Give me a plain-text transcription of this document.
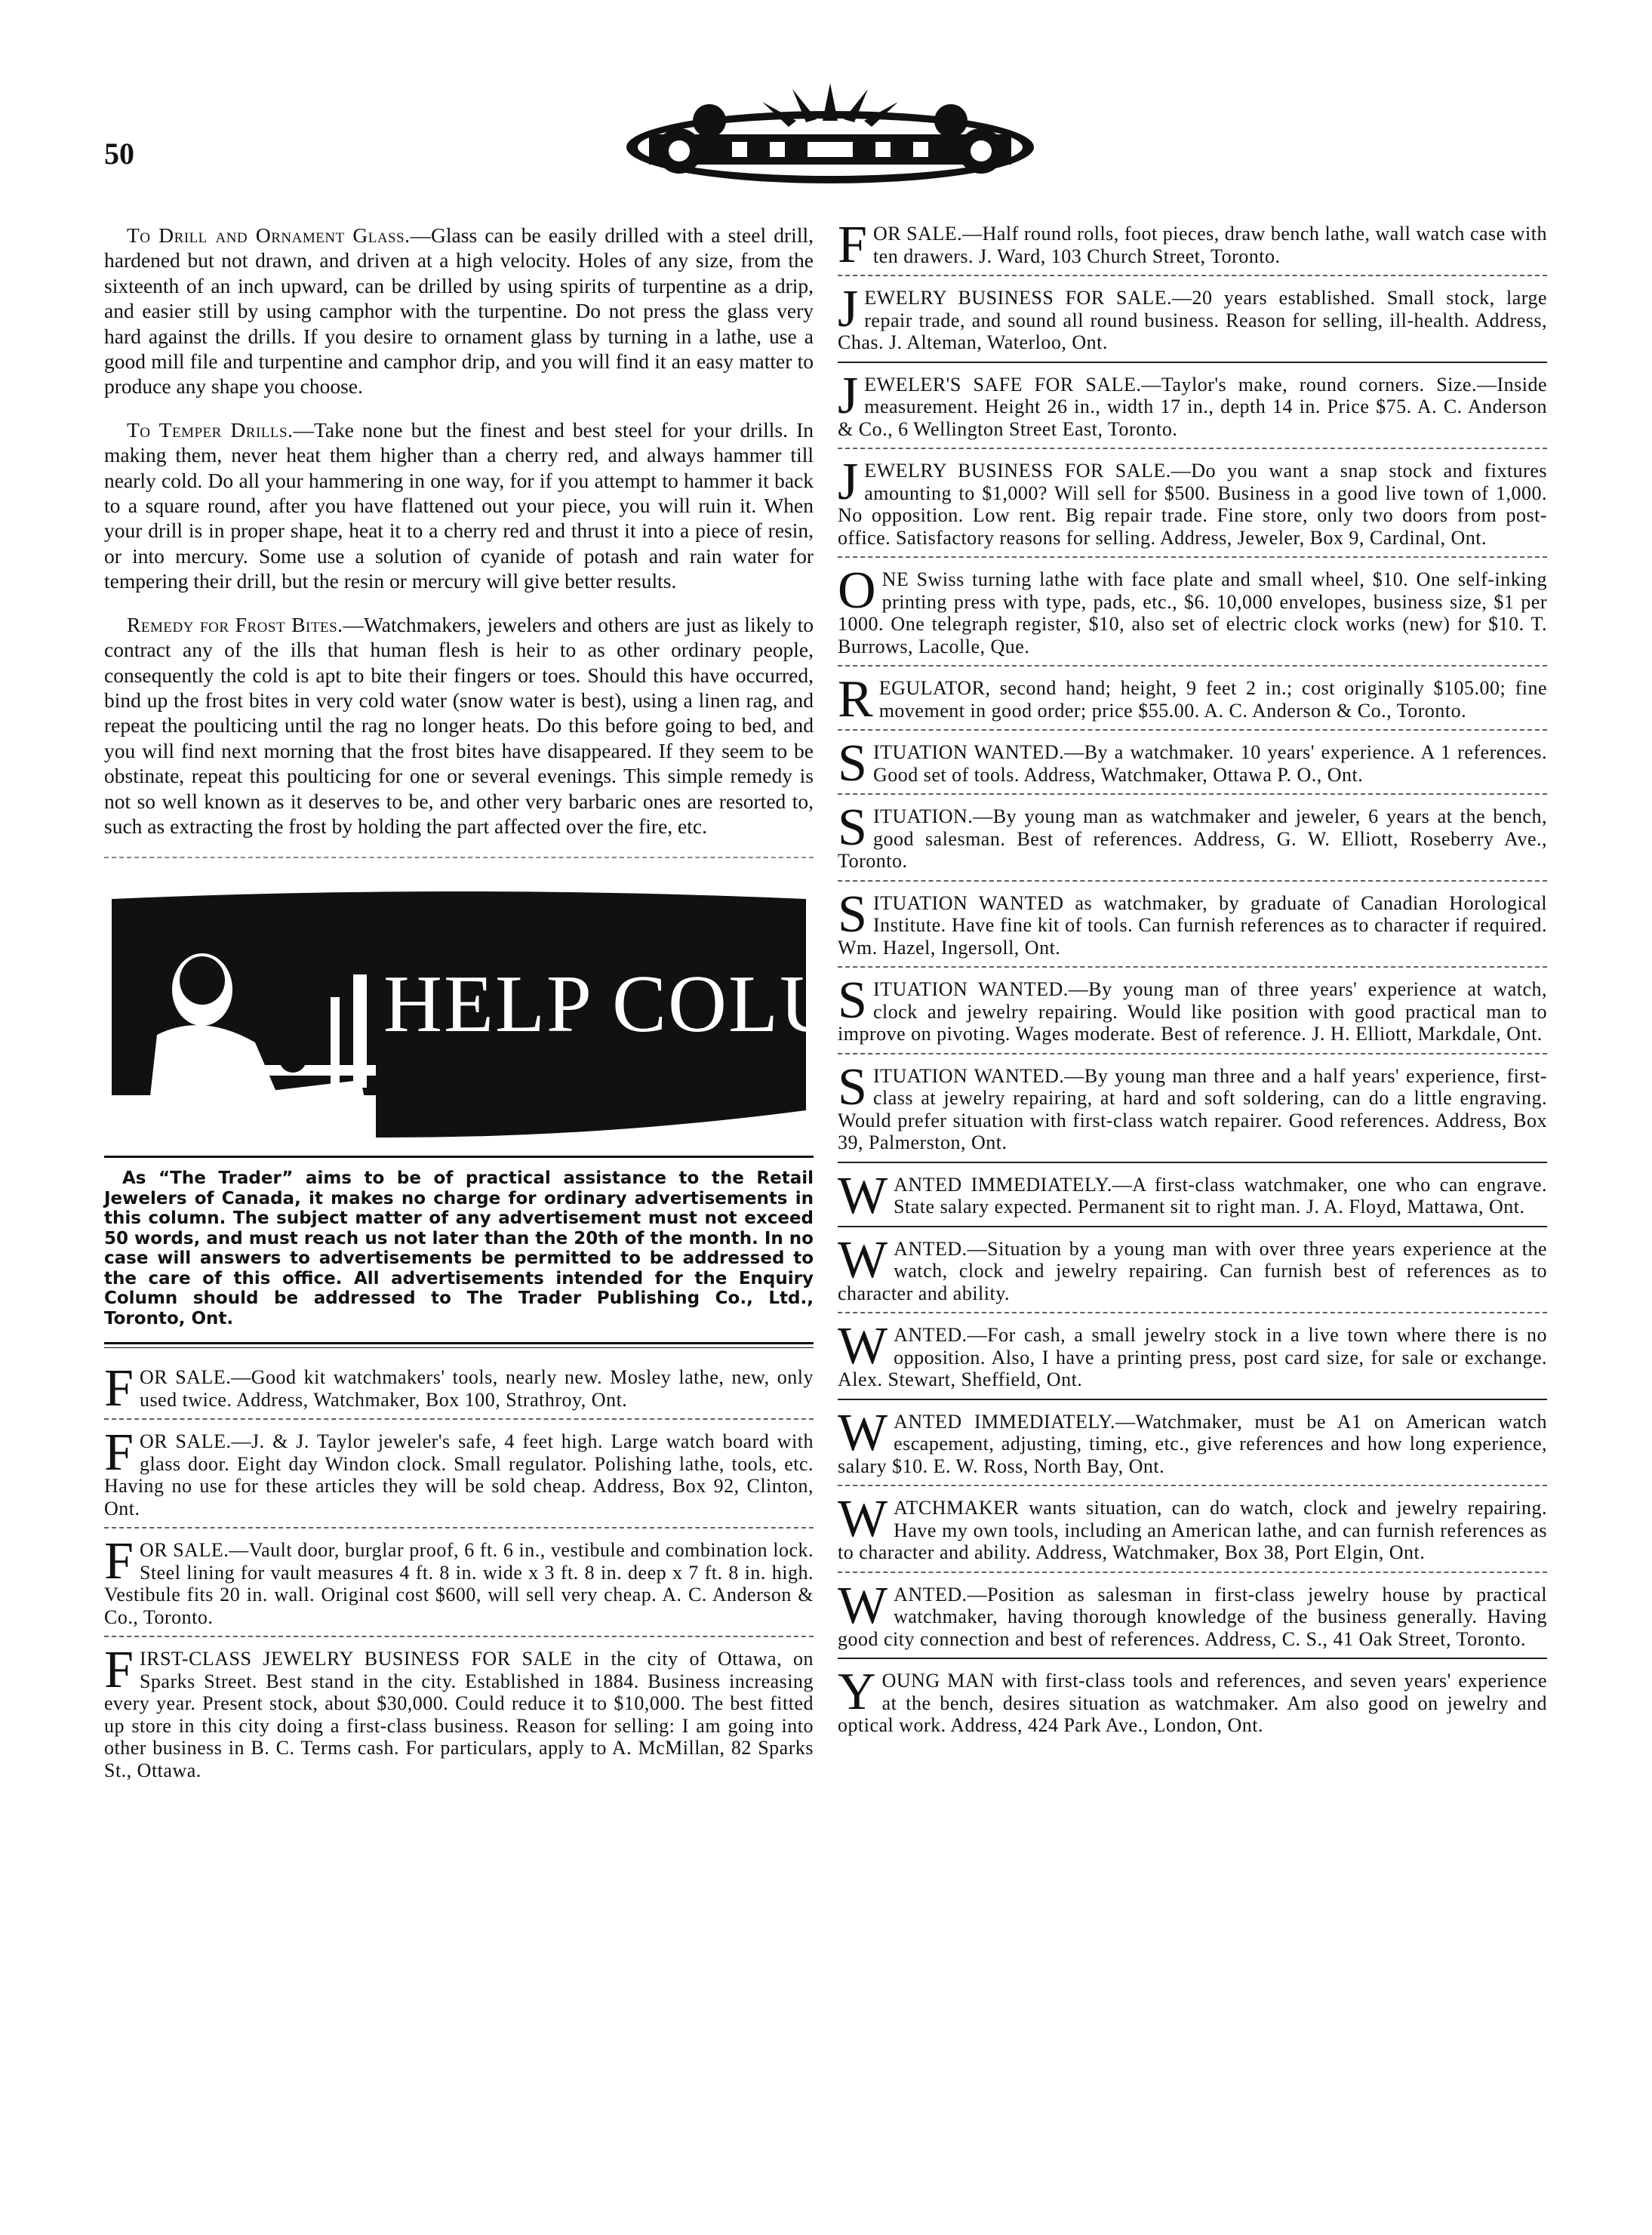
50

To Drill and Ornament Glass.—Glass can be easily drilled with a steel drill, hardened but not drawn, and driven at a high velocity. Holes of any size, from the sixteenth of an inch upward, can be drilled by using spirits of turpentine as a drip, and easier still by using camphor with the turpentine. Do not press the glass very hard against the drills. If you desire to ornament glass by turning in a lathe, use a good mill file and turpentine and camphor drip, and you will find it an easy matter to produce any shape you choose.

To Temper Drills.—Take none but the finest and best steel for your drills. In making them, never heat them higher than a cherry red, and always hammer till nearly cold. Do all your hammering in one way, for if you attempt to hammer it back to a square round, after you have flattened out your piece, you will ruin it. When your drill is in proper shape, heat it to a cherry red and thrust it into a piece of resin, or into mercury. Some use a solution of cyanide of potash and rain water for tempering their drill, but the resin or mercury will give better results.

Remedy for Frost Bites.—Watchmakers, jewelers and others are just as likely to contract any of the ills that human flesh is heir to as other ordinary people, consequently the cold is apt to bite their fingers or toes. Should this have occurred, bind up the frost bites in very cold water (snow water is best), using a linen rag, and repeat the poulticing until the rag no longer heats. Do this before going to bed, and you will find next morning that the frost bites have disappeared. If they seem to be obstinate, repeat this poulticing for one or several evenings. This simple remedy is not so well known as it deserves to be, and other very barbaric ones are resorted to, such as extracting the frost by holding the part affected over the fire, etc.

HELP COLU

As “The Trader” aims to be of practical assistance to the Retail Jewelers of Canada, it makes no charge for ordinary advertisements in this column. The subject matter of any advertisement must not exceed 50 words, and must reach us not later than the 20th of the month. In no case will answers to advertisements be permitted to be addressed to the care of this office. All advertisements intended for the Enquiry Column should be addressed to The Trader Publishing Co., Ltd., Toronto, Ont.

FOR SALE.—Good kit watchmakers' tools, nearly new. Mosley lathe, new, only used twice. Address, Watchmaker, Box 100, Strathroy, Ont.
FOR SALE.—J. & J. Taylor jeweler's safe, 4 feet high. Large watch board with glass door. Eight day Windon clock. Small regulator. Polishing lathe, tools, etc. Having no use for these articles they will be sold cheap. Address, Box 92, Clinton, Ont.
FOR SALE.—Vault door, burglar proof, 6 ft. 6 in., vestibule and combination lock. Steel lining for vault measures 4 ft. 8 in. wide x 3 ft. 8 in. deep x 7 ft. 8 in. high. Vestibule fits 20 in. wall. Original cost $600, will sell very cheap. A. C. Anderson & Co., Toronto.
FIRST-CLASS JEWELRY BUSINESS FOR SALE in the city of Ottawa, on Sparks Street. Best stand in the city. Established in 1884. Business increasing every year. Present stock, about $30,000. Could reduce it to $10,000. The best fitted up store in this city doing a first-class business. Reason for selling: I am going into other business in B. C. Terms cash. For particulars, apply to A. McMillan, 82 Sparks St., Ottawa.
FOR SALE.—Half round rolls, foot pieces, draw bench lathe, wall watch case with ten drawers. J. Ward, 103 Church Street, Toronto.
JEWELRY BUSINESS FOR SALE.—20 years established. Small stock, large repair trade, and sound all round business. Reason for selling, ill-health. Address, Chas. J. Alteman, Waterloo, Ont.
JEWELER'S SAFE FOR SALE.—Taylor's make, round corners. Size.—Inside measurement. Height 26 in., width 17 in., depth 14 in. Price $75. A. C. Anderson & Co., 6 Wellington Street East, Toronto.
JEWELRY BUSINESS FOR SALE.—Do you want a snap stock and fixtures amounting to $1,000? Will sell for $500. Business in a good live town of 1,000. No opposition. Low rent. Big repair trade. Fine store, only two doors from post-office. Satisfactory reasons for selling. Address, Jeweler, Box 9, Cardinal, Ont.
ONE Swiss turning lathe with face plate and small wheel, $10. One self-inking printing press with type, pads, etc., $6. 10,000 envelopes, business size, $1 per 1000. One telegraph register, $10, also set of electric clock works (new) for $10. T. Burrows, Lacolle, Que.
REGULATOR, second hand; height, 9 feet 2 in.; cost originally $105.00; fine movement in good order; price $55.00. A. C. Anderson & Co., Toronto.
SITUATION WANTED.—By a watchmaker. 10 years' experience. A 1 references. Good set of tools. Address, Watchmaker, Ottawa P. O., Ont.
SITUATION.—By young man as watchmaker and jeweler, 6 years at the bench, good salesman. Best of references. Address, G. W. Elliott, Roseberry Ave., Toronto.
SITUATION WANTED as watchmaker, by graduate of Canadian Horological Institute. Have fine kit of tools. Can furnish references as to character if required. Wm. Hazel, Ingersoll, Ont.
SITUATION WANTED.—By young man of three years' experience at watch, clock and jewelry repairing. Would like position with good practical man to improve on pivoting. Wages moderate. Best of reference. J. H. Elliott, Markdale, Ont.
SITUATION WANTED.—By young man three and a half years' experience, first-class at jewelry repairing, at hard and soft soldering, can do a little engraving. Would prefer situation with first-class watch repairer. Good references. Address, Box 39, Palmerston, Ont.
WANTED IMMEDIATELY.—A first-class watchmaker, one who can engrave. State salary expected. Permanent sit to right man. J. A. Floyd, Mattawa, Ont.
WANTED.—Situation by a young man with over three years experience at the watch, clock and jewelry repairing. Can furnish best of references as to character and ability.
WANTED.—For cash, a small jewelry stock in a live town where there is no opposition. Also, I have a printing press, post card size, for sale or exchange. Alex. Stewart, Sheffield, Ont.
WANTED IMMEDIATELY.—Watchmaker, must be A1 on American watch escapement, adjusting, timing, etc., give references and how long experience, salary $10. E. W. Ross, North Bay, Ont.
WATCHMAKER wants situation, can do watch, clock and jewelry repairing. Have my own tools, including an American lathe, and can furnish references as to character and ability. Address, Watchmaker, Box 38, Port Elgin, Ont.
WANTED.—Position as salesman in first-class jewelry house by practical watchmaker, having thorough knowledge of the business generally. Having good city connection and best of references. Address, C. S., 41 Oak Street, Toronto.
YOUNG MAN with first-class tools and references, and seven years' experience at the bench, desires situation as watchmaker. Am also good on jewelry and optical work. Address, 424 Park Ave., London, Ont.
